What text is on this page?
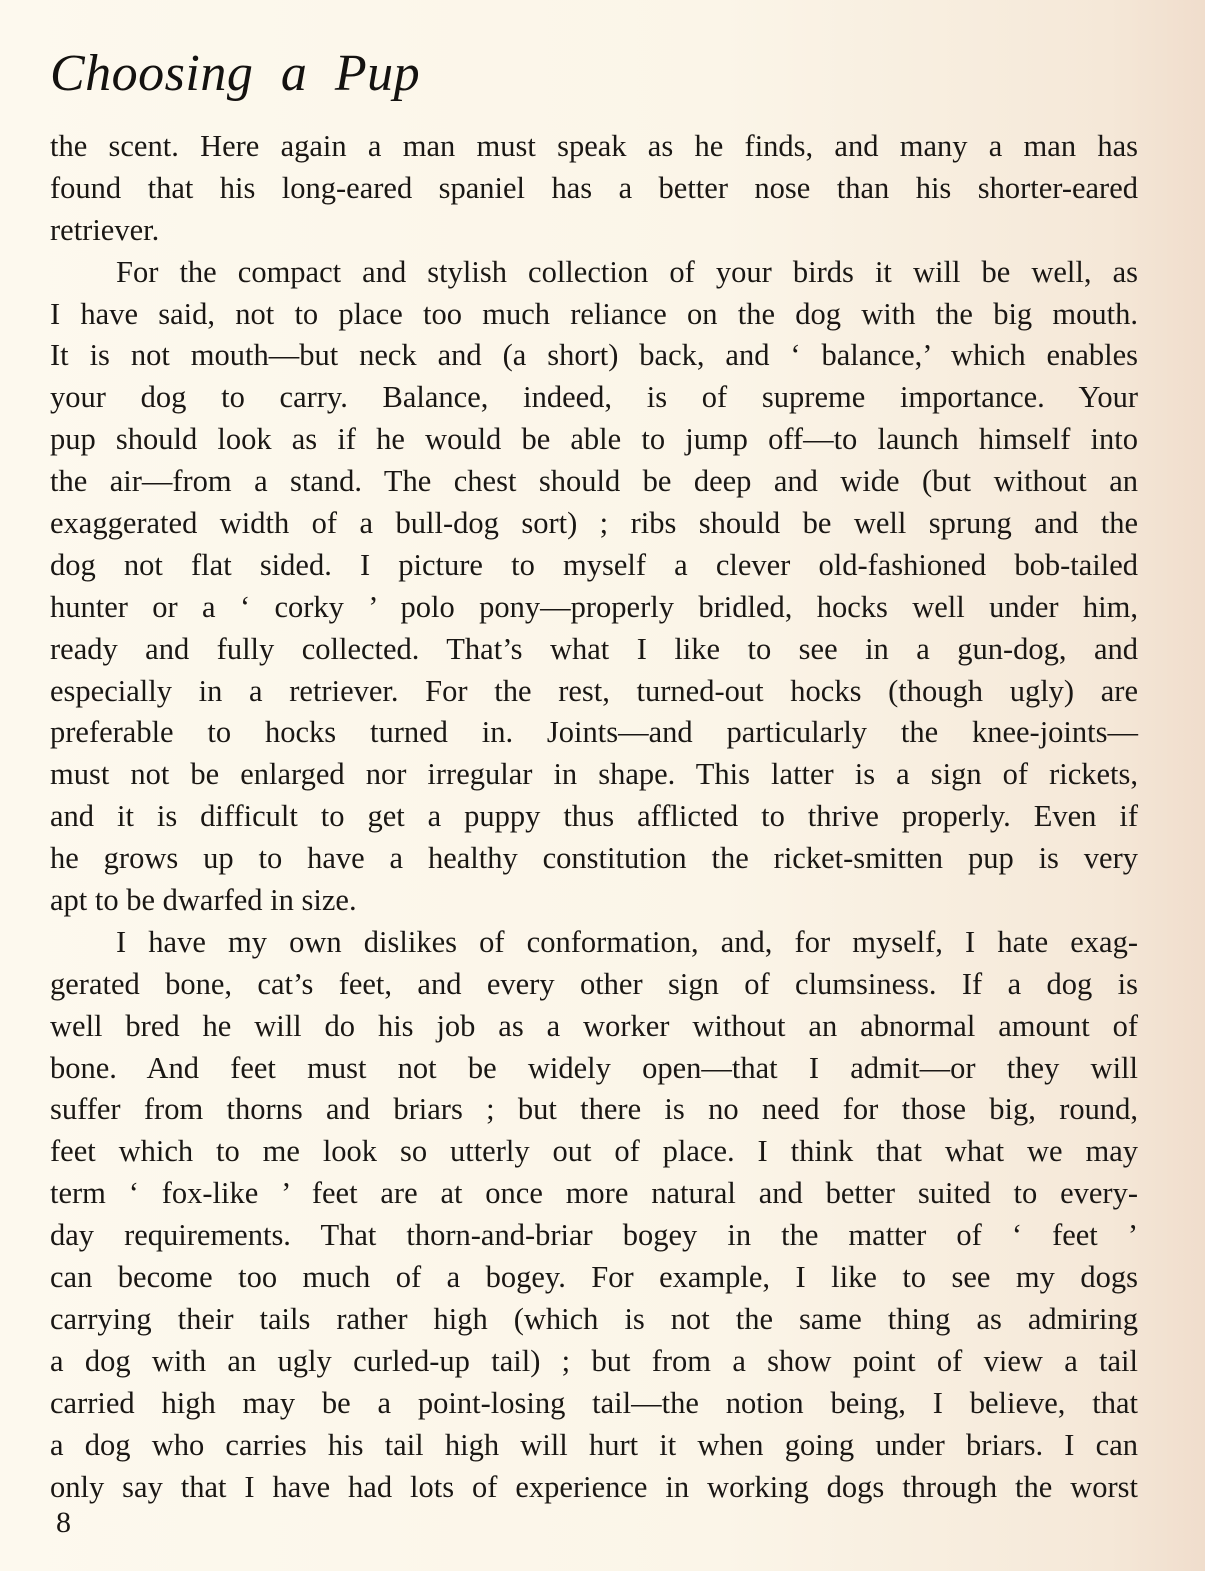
Choosing a Pup
the scent. Here again a man must speak as he finds, and many a man has
found that his long-eared spaniel has a better nose than his shorter-eared
retriever.
For the compact and stylish collection of your birds it will be well, as
I have said, not to place too much reliance on the dog with the big mouth.
It is not mouth—but neck and (a short) back, and ‘ balance,’ which enables
your dog to carry. Balance, indeed, is of supreme importance. Your
pup should look as if he would be able to jump off—to launch himself into
the air—from a stand. The chest should be deep and wide (but without an
exaggerated width of a bull-dog sort) ; ribs should be well sprung and the
dog not flat sided. I picture to myself a clever old-fashioned bob-tailed
hunter or a ‘ corky ’ polo pony—properly bridled, hocks well under him,
ready and fully collected. That’s what I like to see in a gun-dog, and
especially in a retriever. For the rest, turned-out hocks (though ugly) are
preferable to hocks turned in. Joints—and particularly the knee-joints—
must not be enlarged nor irregular in shape. This latter is a sign of rickets,
and it is difficult to get a puppy thus afflicted to thrive properly. Even if
he grows up to have a healthy constitution the ricket-smitten pup is very
apt to be dwarfed in size.
I have my own dislikes of conformation, and, for myself, I hate exag-
gerated bone, cat’s feet, and every other sign of clumsiness. If a dog is
well bred he will do his job as a worker without an abnormal amount of
bone. And feet must not be widely open—that I admit—or they will
suffer from thorns and briars ; but there is no need for those big, round,
feet which to me look so utterly out of place. I think that what we may
term ‘ fox-like ’ feet are at once more natural and better suited to every-
day requirements. That thorn-and-briar bogey in the matter of ‘ feet ’
can become too much of a bogey. For example, I like to see my dogs
carrying their tails rather high (which is not the same thing as admiring
a dog with an ugly curled-up tail) ; but from a show point of view a tail
carried high may be a point-losing tail—the notion being, I believe, that
a dog who carries his tail high will hurt it when going under briars. I can
only say that I have had lots of experience in working dogs through the worst
8
